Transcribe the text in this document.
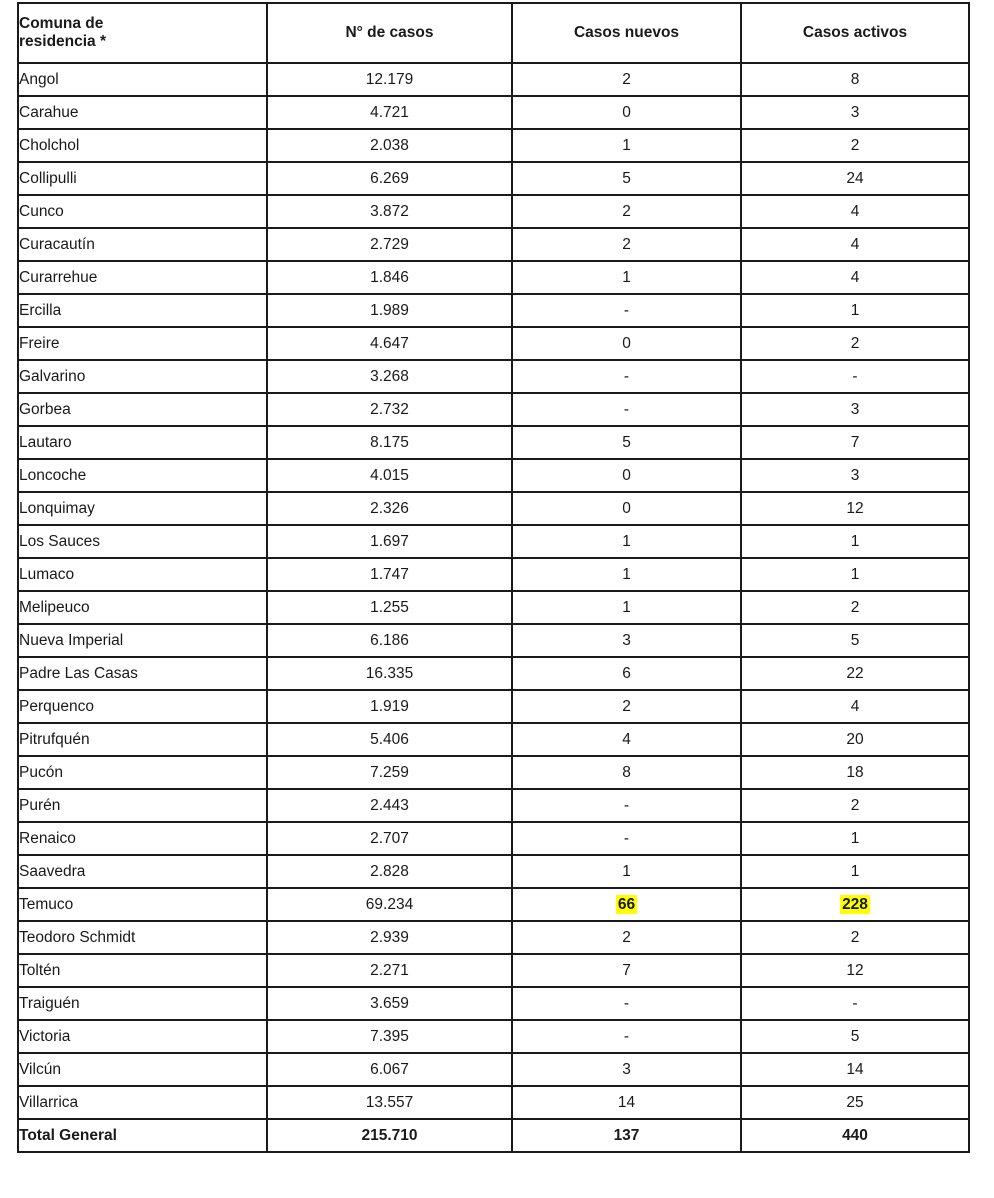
Comuna de
residencia *	N° de casos	Casos nuevos	Casos activos
Angol	12.179	2	8
Carahue	4.721	0	3
Cholchol	2.038	1	2
Collipulli	6.269	5	24
Cunco	3.872	2	4
Curacautín	2.729	2	4
Curarrehue	1.846	1	4
Ercilla	1.989	-	1
Freire	4.647	0	2
Galvarino	3.268	-	-
Gorbea	2.732	-	3
Lautaro	8.175	5	7
Loncoche	4.015	0	3
Lonquimay	2.326	0	12
Los Sauces	1.697	1	1
Lumaco	1.747	1	1
Melipeuco	1.255	1	2
Nueva Imperial	6.186	3	5
Padre Las Casas	16.335	6	22
Perquenco	1.919	2	4
Pitrufquén	5.406	4	20
Pucón	7.259	8	18
Purén	2.443	-	2
Renaico	2.707	-	1
Saavedra	2.828	1	1
Temuco	69.234	66	228
Teodoro Schmidt	2.939	2	2
Toltén	2.271	7	12
Traiguén	3.659	-	-
Victoria	7.395	-	5
Vilcún	6.067	3	14
Villarrica	13.557	14	25
Total General	215.710	137	440
